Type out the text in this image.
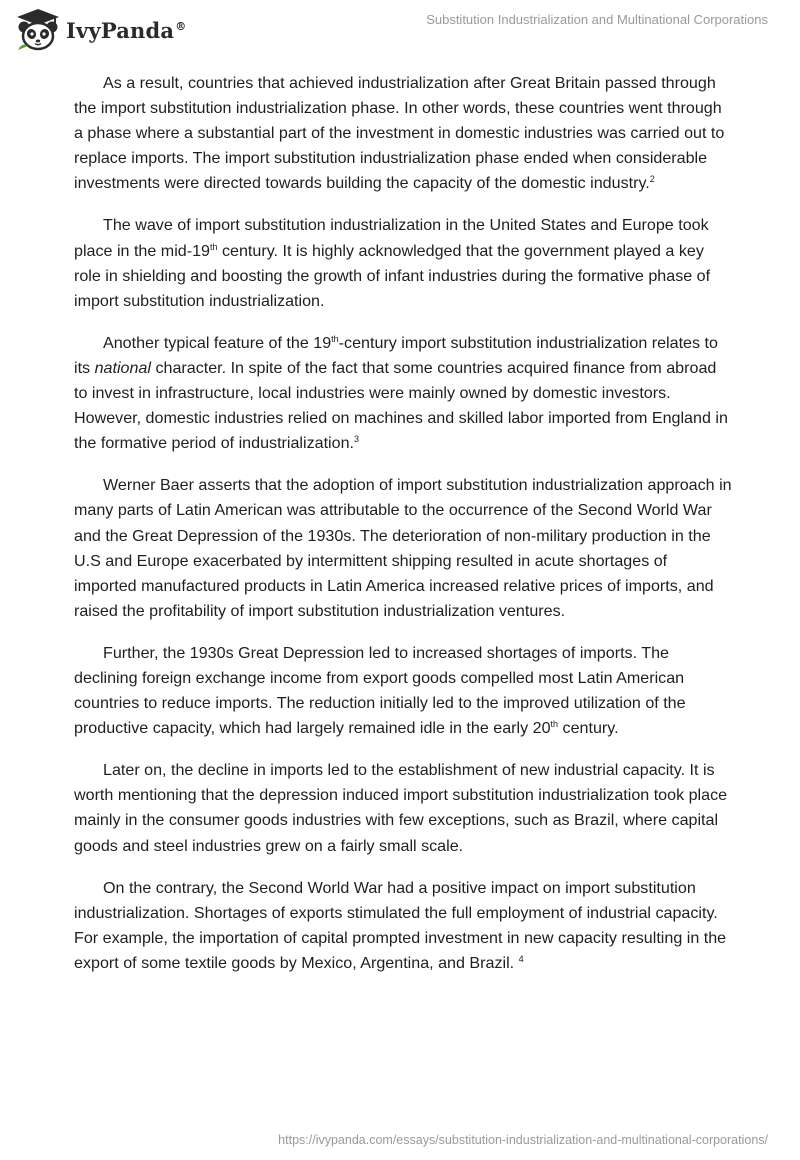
IvyPanda®	Substitution Industrialization and Multinational Corporations

As a result, countries that achieved industrialization after Great Britain passed through the import substitution industrialization phase. In other words, these countries went through a phase where a substantial part of the investment in domestic industries was carried out to replace imports. The import substitution industrialization phase ended when considerable investments were directed towards building the capacity of the domestic industry.$^2$

The wave of import substitution industrialization in the United States and Europe took place in the mid-19th century. It is highly acknowledged that the government played a key role in shielding and boosting the growth of infant industries during the formative phase of import substitution industrialization.

Another typical feature of the 19th-century import substitution industrialization relates to its national character. In spite of the fact that some countries acquired finance from abroad to invest in infrastructure, local industries were mainly owned by domestic investors. However, domestic industries relied on machines and skilled labor imported from England in the formative period of industrialization.$^3$

Werner Baer asserts that the adoption of import substitution industrialization approach in many parts of Latin American was attributable to the occurrence of the Second World War and the Great Depression of the 1930s. The deterioration of non-military production in the U.S and Europe exacerbated by intermittent shipping resulted in acute shortages of imported manufactured products in Latin America increased relative prices of imports, and raised the profitability of import substitution industrialization ventures.

Further, the 1930s Great Depression led to increased shortages of imports. The declining foreign exchange income from export goods compelled most Latin American countries to reduce imports. The reduction initially led to the improved utilization of the productive capacity, which had largely remained idle in the early 20th century.

Later on, the decline in imports led to the establishment of new industrial capacity. It is worth mentioning that the depression induced import substitution industrialization took place mainly in the consumer goods industries with few exceptions, such as Brazil, where capital goods and steel industries grew on a fairly small scale.

On the contrary, the Second World War had a positive impact on import substitution industrialization. Shortages of exports stimulated the full employment of industrial capacity. For example, the importation of capital prompted investment in new capacity resulting in the export of some textile goods by Mexico, Argentina, and Brazil. $^4$

https://ivypanda.com/essays/substitution-industrialization-and-multinational-corporations/
